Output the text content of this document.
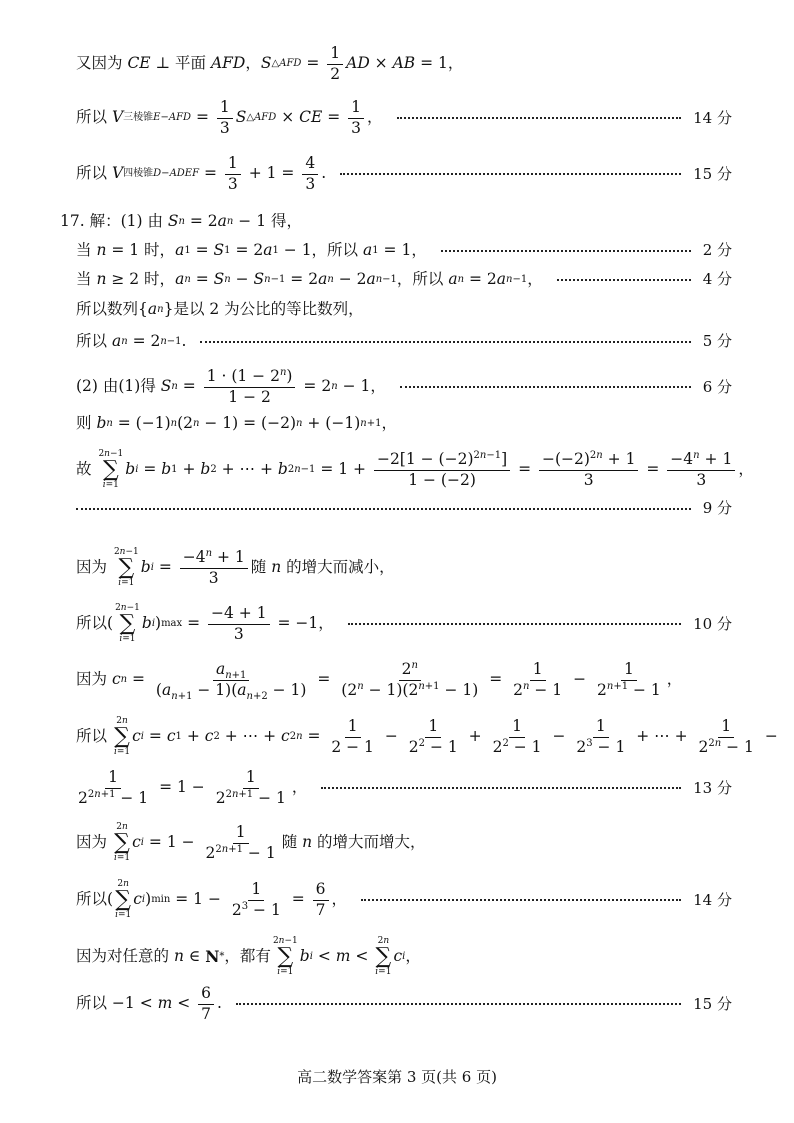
又因为 CE ⊥ 平面 AFD ， S △AFD = $\frac{1}{2}$ AD × AB = 1，
所以 V 三棱锥$E-AFD = \frac{1}{3}$ S △AFD × CE = $\frac{1}{3}$ ，	14 分
所以 V 四棱锥D−ADEF = $\frac{1}{3} + 1 = \frac{4}{3}$ .	15 分
17. 解：(1) 由 S n = 2 a n − 1 得，
当 n = 1 时， a 1 = S 1 = 2 a 1 − 1，所以 a 1 = 1，	2 分
当 n ≥ 2 时， a n = S n − S n−1 = 2 a n − 2 a n−1 ，所以 a n = 2 a n−1 ，	4 分
所以数列{ a n }是以 2 为公比的等比数列，
所以 a n = 2 n−1 .	5 分
(2) 由(1)得 S $n = \frac{1 \cdot (1 - 2^n)}{1 - 2} = 2$ n − 1，	6 分
则 b n = (−1) n (2 n − 1) = (−2) n + (−1) n+1 ，
故
2n−1
∑
i=1
b i = b 1 + b 2 + ⋯ + b $2n-1 = 1 + \frac{-2[1 - (-2)^{2n-1}]}{1 - (-2)} = \frac{-(-2)^{2n} + 1}{3} = \frac{-4^n + 1}{3}$ ，
9 分
因为
2n−1
∑
i=1
b $i = \frac{-4^n + 1}{3}$ 随 n 的增大而减小，
所以(
2n−1
∑
i=1
b i ) $\max = \frac{-4 + 1}{3} = -1$，	10 分
因为 c $n = \frac{a_{n+1}}{(a_{n+1} - 1)(a_{n+2} - 1)} = \frac{2^n}{(2^n - 1)(2^{n+1} - 1)} = \frac{1}{2^n - 1} - \frac{1}{2^{n+1} - 1}$ ，
所以
2n
∑
i=1
c i = c 1 + c 2 + ⋯ + c $2n = \frac{1}{2 - 1} - \frac{1}{2^2 - 1} + \frac{1}{2^2 - 1} - \frac{1}{2^3 - 1}$ + ⋯ + $\frac{1}{2^{2n} - 1}$ −
$\frac{1}{2^{2n+1} - 1} = 1 - \frac{1}{2^{2n+1} - 1}$ ，	13 分
因为
2n
∑
i=1
c $i = 1 - \frac{1}{2^{2n+1} - 1}$ 随 n 的增大而增大，
所以(
2n
∑
i=1
c i ) $\min = 1 - \frac{1}{2^3 - 1} = \frac{6}{7}$ ，	14 分
因为对任意的 n ∈ N * ，都有
2n−1
∑
i=1
b i < m <
2n
∑
i=1
c i ，
所以 $-1 < m < \frac{6}{7}$ .	15 分
高二数学答案第 3 页(共 6 页)
